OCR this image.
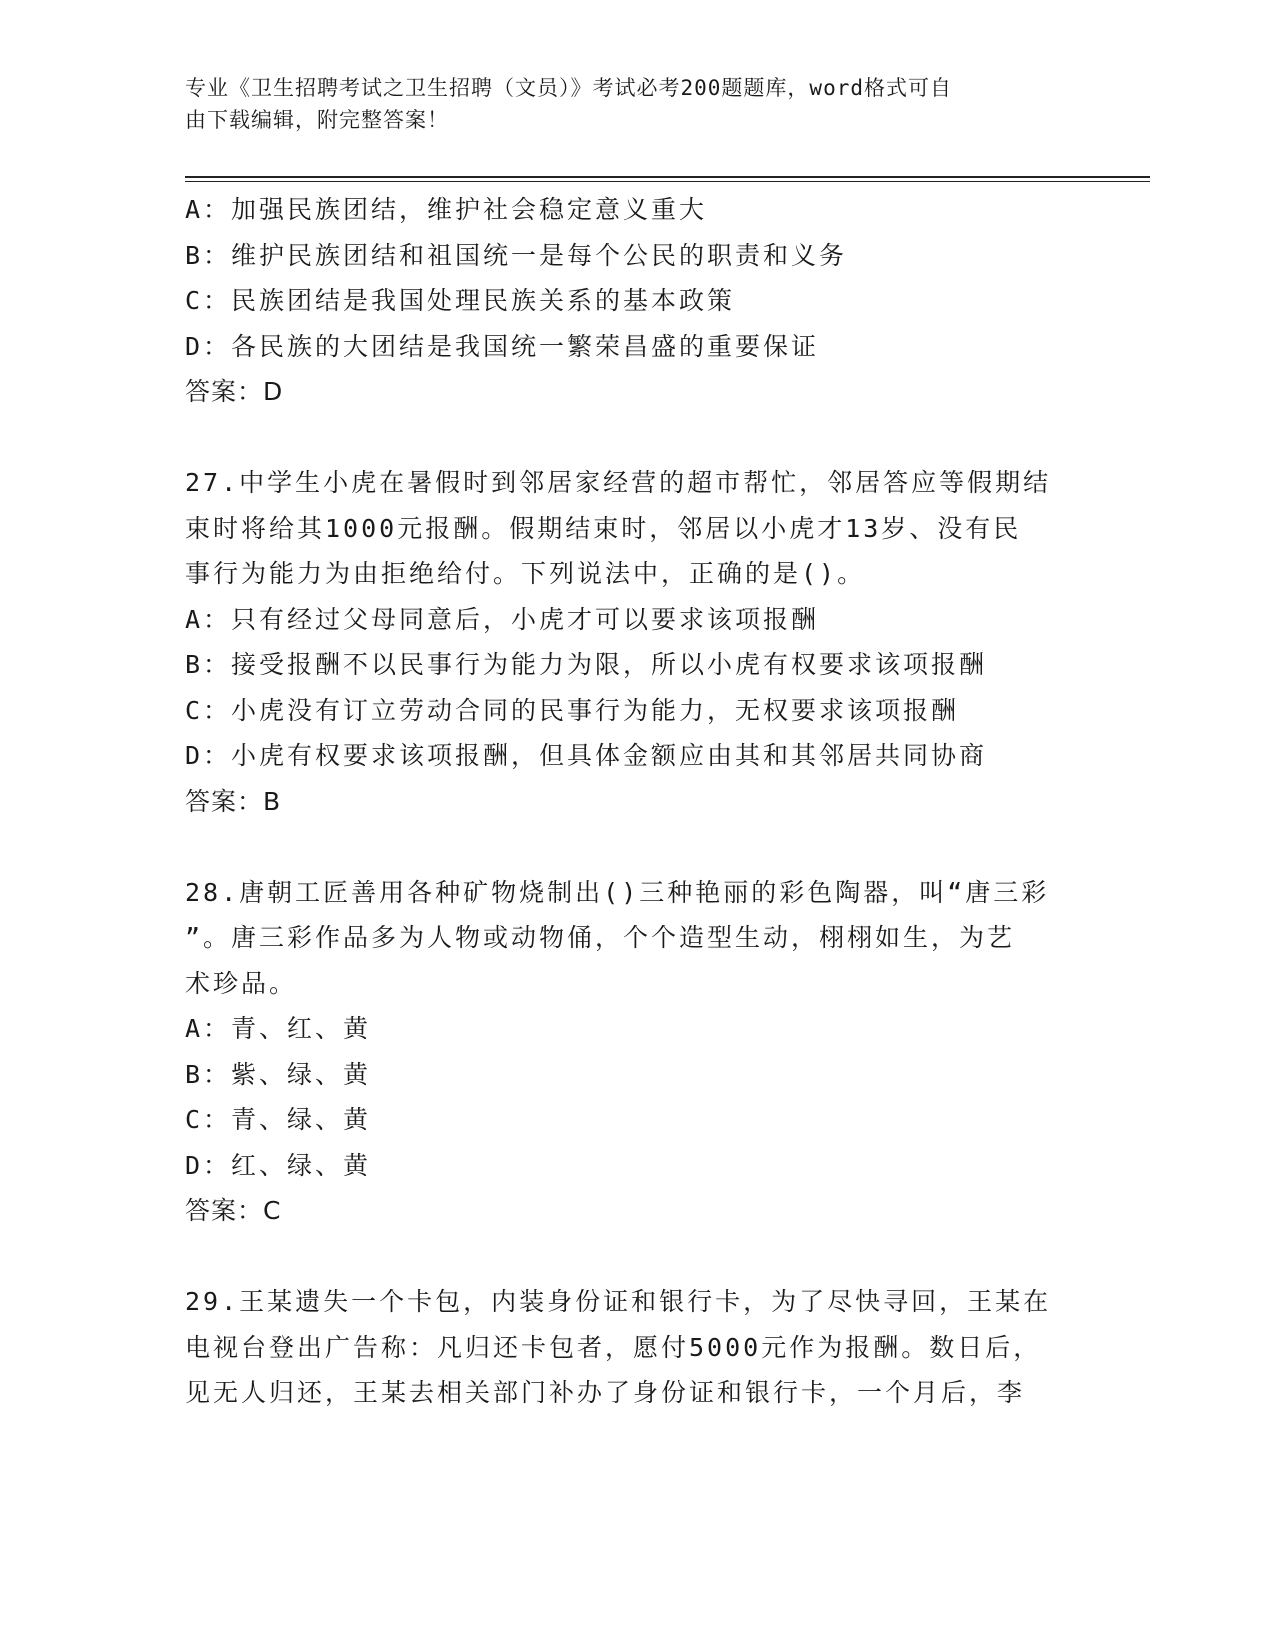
专业《卫生招聘考试之卫生招聘（文员）》考试必考200题题库，word格式可自
由下载编辑，附完整答案！
A：加强民族团结，维护社会稳定意义重大
B：维护民族团结和祖国统一是每个公民的职责和义务
C：民族团结是我国处理民族关系的基本政策
D：各民族的大团结是我国统一繁荣昌盛的重要保证
答案：D
27.中学生小虎在暑假时到邻居家经营的超市帮忙，邻居答应等假期结
束时将给其1000元报酬。假期结束时，邻居以小虎才13岁、没有民
事行为能力为由拒绝给付。下列说法中，正确的是()。
A：只有经过父母同意后，小虎才可以要求该项报酬
B：接受报酬不以民事行为能力为限，所以小虎有权要求该项报酬
C：小虎没有订立劳动合同的民事行为能力，无权要求该项报酬
D：小虎有权要求该项报酬，但具体金额应由其和其邻居共同协商
答案：B
28.唐朝工匠善用各种矿物烧制出()三种艳丽的彩色陶器，叫“唐三彩
”。唐三彩作品多为人物或动物俑，个个造型生动，栩栩如生，为艺
术珍品。
A：青、红、黄
B：紫、绿、黄
C：青、绿、黄
D：红、绿、黄
答案：C
29.王某遗失一个卡包，内装身份证和银行卡，为了尽快寻回，王某在
电视台登出广告称：凡归还卡包者，愿付5000元作为报酬。数日后，
见无人归还，王某去相关部门补办了身份证和银行卡，一个月后，李
